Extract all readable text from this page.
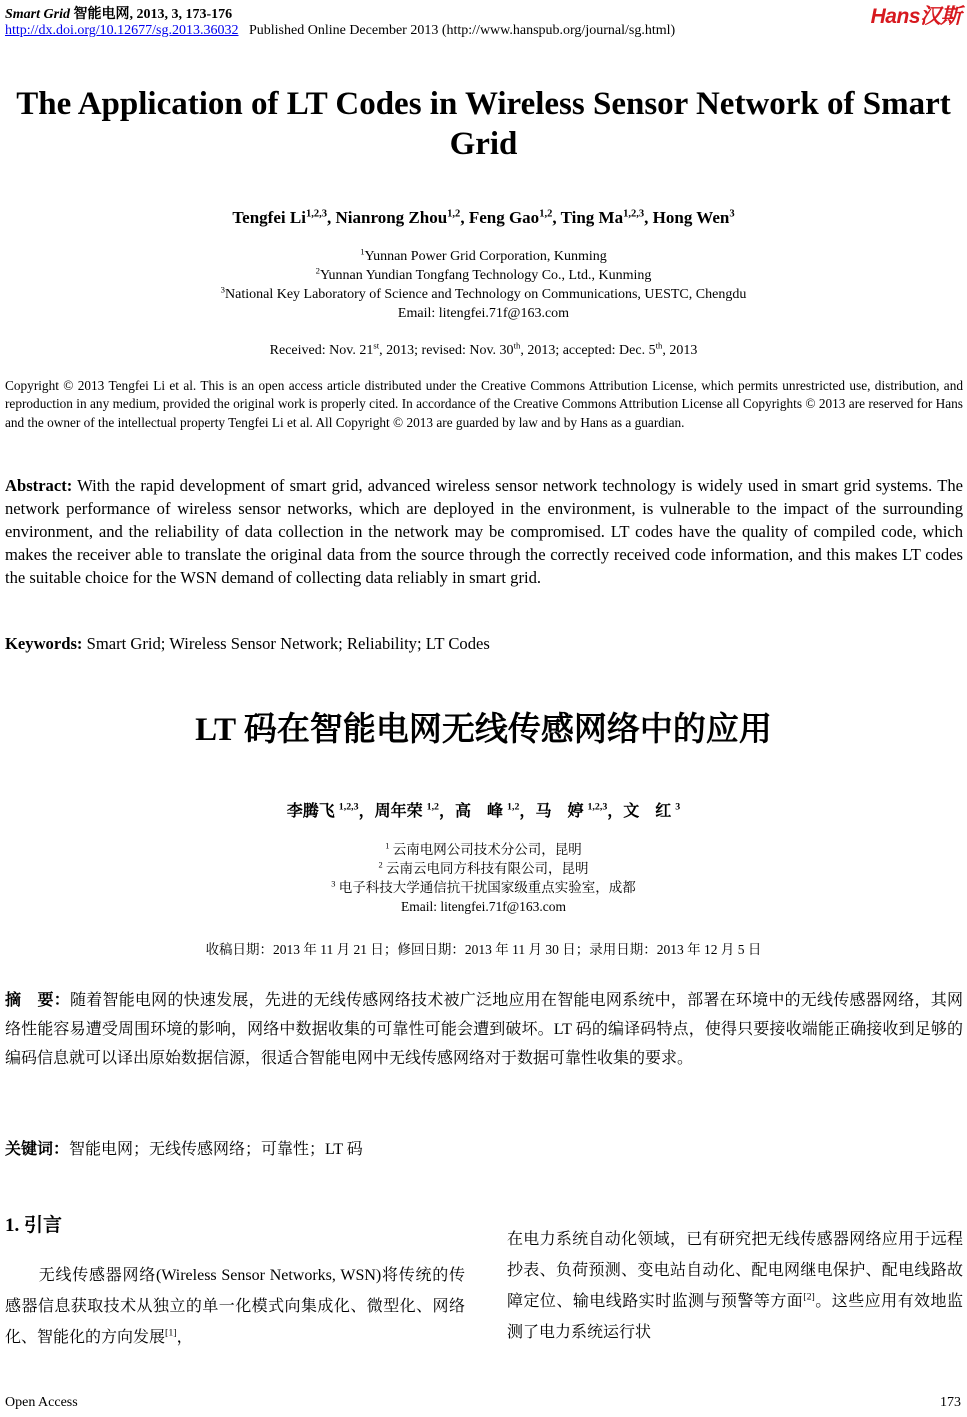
Smart Grid 智能电网, 2013, 3, 173-176	Hans汉斯
http://dx.doi.org/10.12677/sg.2013.36032 Published Online December 2013 (http://www.hanspub.org/journal/sg.html)
The Application of LT Codes in Wireless Sensor Network of Smart Grid
Tengfei Li$^{1,2,3}$, Nianrong Zhou$^{1,2}$, Feng Gao$^{1,2}$, Ting Ma$^{1,2,3}$, Hong Wen$^3$
$^1$Yunnan Power Grid Corporation, Kunming
$^2$Yunnan Yundian Tongfang Technology Co., Ltd., Kunming
$^3$National Key Laboratory of Science and Technology on Communications, UESTC, Chengdu
Email: litengfei.71f@163.com
Received: Nov. 21st, 2013; revised: Nov. 30th, 2013; accepted: Dec. 5th, 2013
Copyright © 2013 Tengfei Li et al. This is an open access article distributed under the Creative Commons Attribution License, which permits unrestricted use, distribution, and reproduction in any medium, provided the original work is properly cited. In accordance of the Creative Commons Attribution License all Copyrights © 2013 are reserved for Hans and the owner of the intellectual property Tengfei Li et al. All Copyright © 2013 are guarded by law and by Hans as a guardian.
Abstract: With the rapid development of smart grid, advanced wireless sensor network technology is widely used in smart grid systems. The network performance of wireless sensor networks, which are deployed in the environment, is vulnerable to the impact of the surrounding environment, and the reliability of data collection in the network may be compromised. LT codes have the quality of compiled code, which makes the receiver able to translate the original data from the source through the correctly received code information, and this makes LT codes the suitable choice for the WSN demand of collecting data reliably in smart grid.
Keywords: Smart Grid; Wireless Sensor Network; Reliability; LT Codes
LT 码在智能电网无线传感网络中的应用
李腾飞 $^{1,2,3}$，周年荣 $^{1,2}$，高　峰 $^{1,2}$，马　婷 $^{1,2,3}$，文　红 $^3$
$^1$ 云南电网公司技术分公司，昆明
$^2$ 云南云电同方科技有限公司，昆明
$^3$ 电子科技大学通信抗干扰国家级重点实验室，成都
Email: litengfei.71f@163.com
收稿日期：2013 年 11 月 21 日；修回日期：2013 年 11 月 30 日；录用日期：2013 年 12 月 5 日
摘　要：随着智能电网的快速发展，先进的无线传感网络技术被广泛地应用在智能电网系统中，部署在环境中的无线传感器网络，其网络性能容易遭受周围环境的影响，网络中数据收集的可靠性可能会遭到破坏。LT 码的编译码特点，使得只要接收端能正确接收到足够的编码信息就可以译出原始数据信源，很适合智能电网中无线传感网络对于数据可靠性收集的要求。
关键词：智能电网；无线传感网络；可靠性；LT 码
1. 引言
无线传感器网络(Wireless Sensor Networks, WSN)将传统的传感器信息获取技术从独立的单一化模式向集成化、微型化、网络化、智能化的方向发展[1]，
在电力系统自动化领域，已有研究把无线传感器网络应用于远程抄表、负荷预测、变电站自动化、配电网继电保护、配电线路故障定位、输电线路实时监测与预警等方面[2]。这些应用有效地监测了电力系统运行状
Open Access	173
